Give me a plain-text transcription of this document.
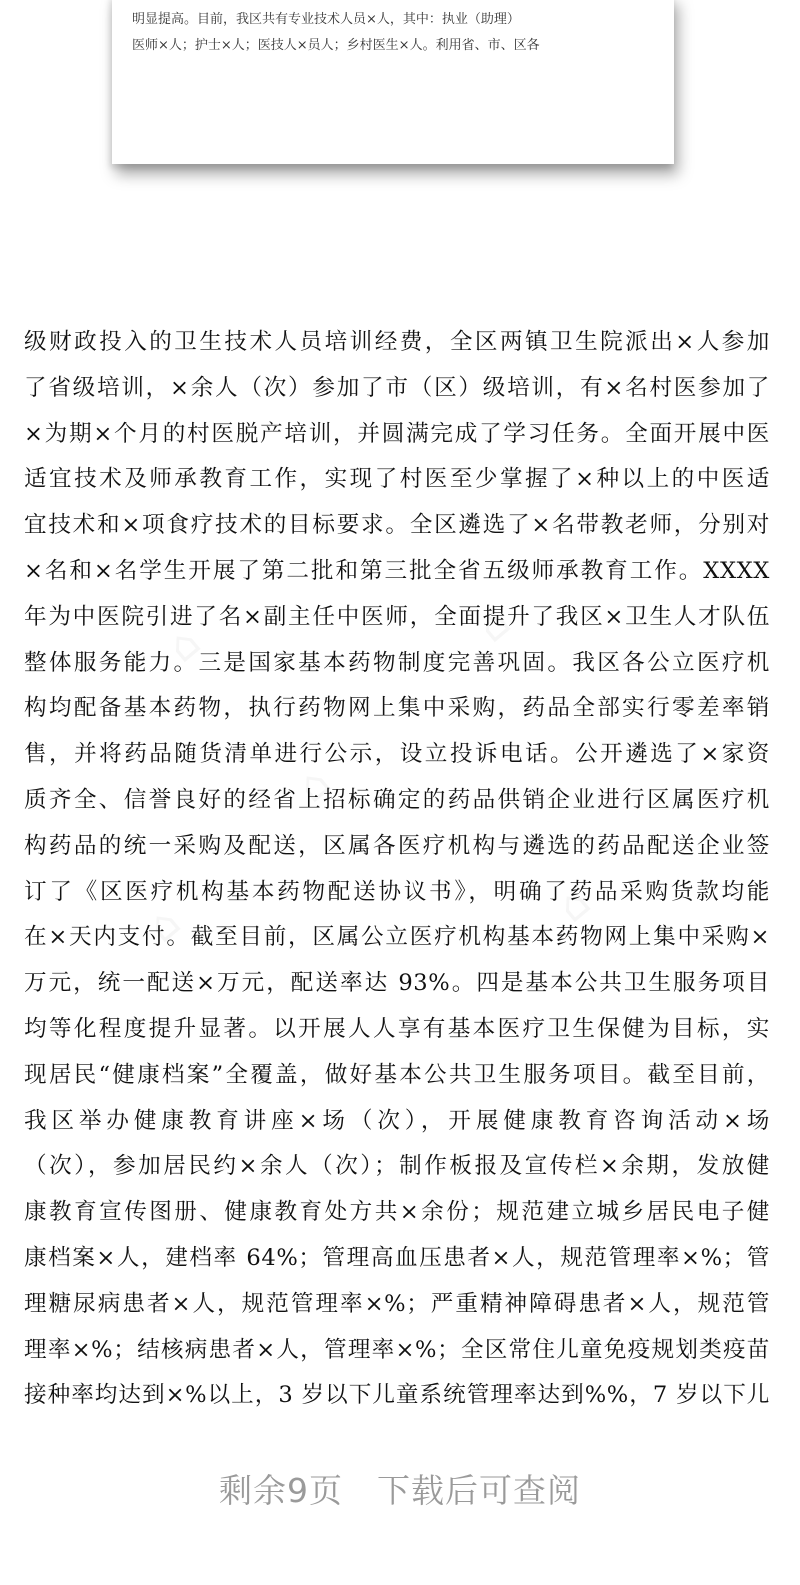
明显提高。目前，我区共有专业技术人员×人，其中：执业（助理）
医师×人；护士×人；医技人×员人；乡村医生×人。利用省、市、区各
级财政投入的卫生技术人员培训经费，全区两镇卫生院派出×人参加
了省级培训，×余人（次）参加了市（区）级培训，有×名村医参加了
×为期×个月的村医脱产培训，并圆满完成了学习任务。全面开展中医
适宜技术及师承教育工作，实现了村医至少掌握了×种以上的中医适
宜技术和×项食疗技术的目标要求。全区遴选了×名带教老师，分别对
×名和×名学生开展了第二批和第三批全省五级师承教育工作。XXXX
年为中医院引进了名×副主任中医师，全面提升了我区×卫生人才队伍
整体服务能力。三是国家基本药物制度完善巩固。我区各公立医疗机
构均配备基本药物，执行药物网上集中采购，药品全部实行零差率销
售，并将药品随货清单进行公示，设立投诉电话。公开遴选了×家资
质齐全、信誉良好的经省上招标确定的药品供销企业进行区属医疗机
构药品的统一采购及配送，区属各医疗机构与遴选的药品配送企业签
订了《区医疗机构基本药物配送协议书》，明确了药品采购货款均能
在×天内支付。截至目前，区属公立医疗机构基本药物网上集中采购×
万元，统一配送×万元，配送率达 93%。四是基本公共卫生服务项目
均等化程度提升显著。以开展人人享有基本医疗卫生保健为目标，实
现居民“健康档案”全覆盖，做好基本公共卫生服务项目。截至目前，
我区举办健康教育讲座×场（次），开展健康教育咨询活动×场
（次），参加居民约×余人（次）；制作板报及宣传栏×余期，发放健
康教育宣传图册、健康教育处方共×余份；规范建立城乡居民电子健
康档案×人，建档率 64%；管理高血压患者×人，规范管理率×%；管
理糖尿病患者×人，规范管理率×%；严重精神障碍患者×人，规范管
理率×%；结核病患者×人，管理率×%；全区常住儿童免疫规划类疫苗
接种率均达到×%以上，3 岁以下儿童系统管理率达到%%，7 岁以下儿
剩余9页 下载后可查阅
